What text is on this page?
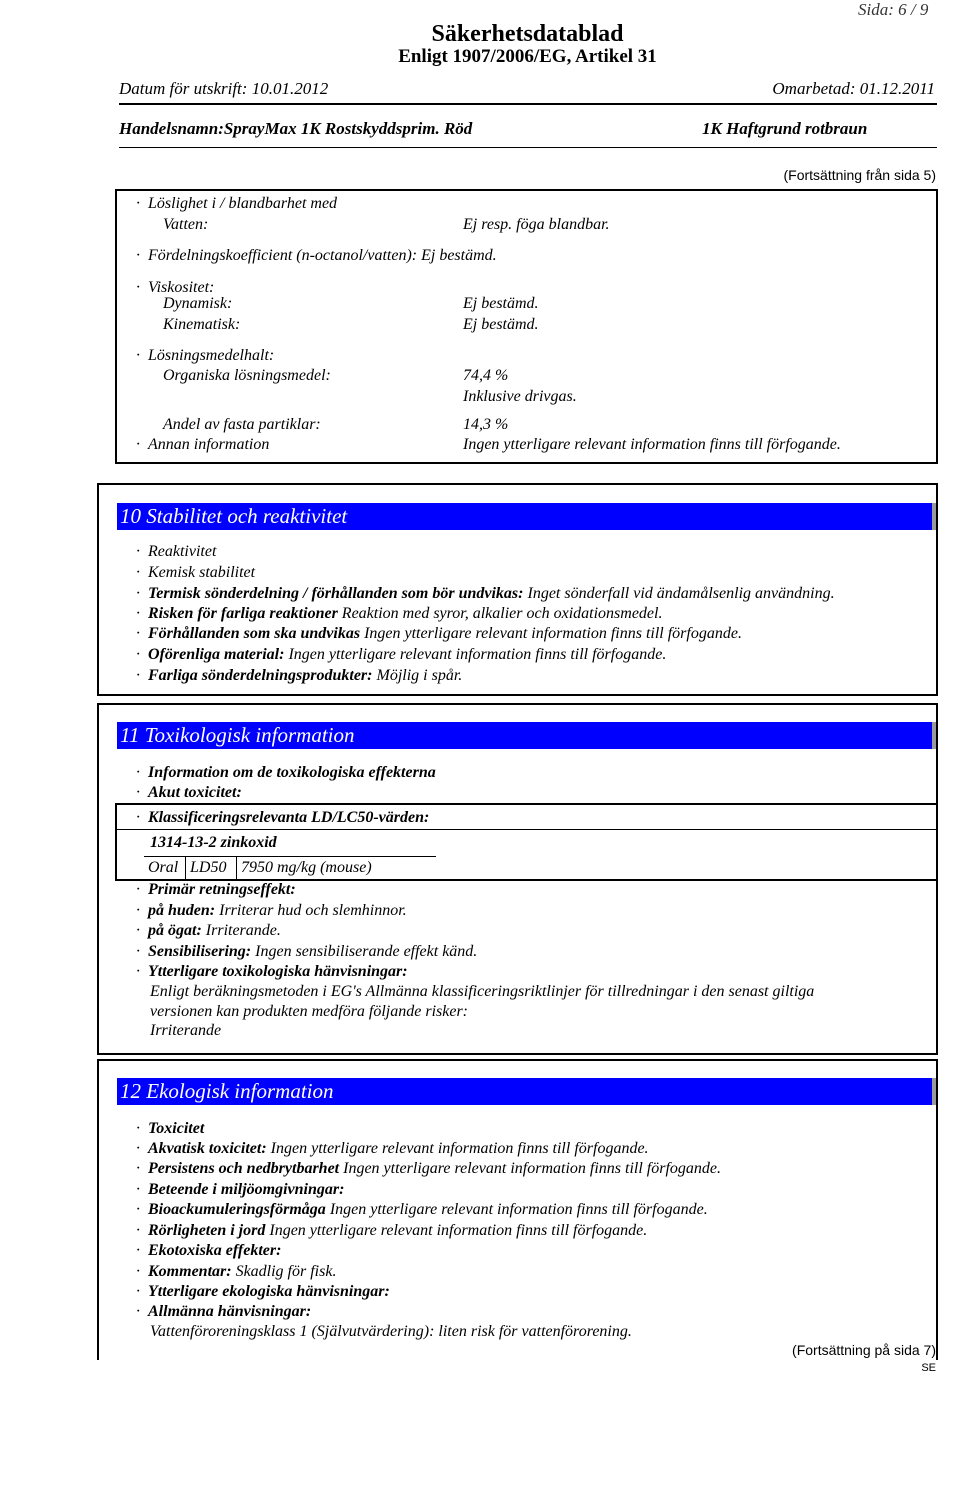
Sida: 6 / 9
Säkerhetsdatablad
Enligt 1907/2006/EG, Artikel 31
Datum för utskrift: 10.01.2012	Omarbetad: 01.12.2011
Handelsnamn:SprayMax 1K Rostskyddsprim. Röd	1K Haftgrund rotbraun
(Fortsättning från sida 5)
· Löslighet i / blandbarhet med
Vatten:	Ej resp. föga blandbar.
· Fördelningskoefficient (n-octanol/vatten): Ej bestämd.
· Viskositet:
Dynamisk:	Ej bestämd.
Kinematisk:	Ej bestämd.
· Lösningsmedelhalt:
Organiska lösningsmedel:	74,4 %
Inklusive drivgas.
Andel av fasta partiklar:	14,3 %
· Annan information	Ingen ytterligare relevant information finns till förfogande.
10 Stabilitet och reaktivitet
· Reaktivitet
· Kemisk stabilitet
· Termisk sönderdelning / förhållanden som bör undvikas: Inget sönderfall vid ändamålsenlig användning.
· Risken för farliga reaktioner Reaktion med syror, alkalier och oxidationsmedel.
· Förhållanden som ska undvikas Ingen ytterligare relevant information finns till förfogande.
· Oförenliga material: Ingen ytterligare relevant information finns till förfogande.
· Farliga sönderdelningsprodukter: Möjlig i spår.
11 Toxikologisk information
· Information om de toxikologiska effekterna
· Akut toxicitet:
· Klassificeringsrelevanta LD/LC50-värden:
1314-13-2 zinkoxid
Oral LD50 7950 mg/kg (mouse)
· Primär retningseffekt:
· på huden: Irriterar hud och slemhinnor.
· på ögat: Irriterande.
· Sensibilisering: Ingen sensibiliserande effekt känd.
· Ytterligare toxikologiska hänvisningar:
Enligt beräkningsmetoden i EG's Allmänna klassificeringsriktlinjer för tillredningar i den senast giltiga
versionen kan produkten medföra följande risker:
Irriterande
12 Ekologisk information
· Toxicitet
· Akvatisk toxicitet: Ingen ytterligare relevant information finns till förfogande.
· Persistens och nedbrytbarhet Ingen ytterligare relevant information finns till förfogande.
· Beteende i miljöomgivningar:
· Bioackumuleringsförmåga Ingen ytterligare relevant information finns till förfogande.
· Rörligheten i jord Ingen ytterligare relevant information finns till förfogande.
· Ekotoxiska effekter:
· Kommentar: Skadlig för fisk.
· Ytterligare ekologiska hänvisningar:
· Allmänna hänvisningar:
Vattenföroreningsklass 1 (Självutvärdering): liten risk för vattenförorening.
(Fortsättning på sida 7)
SE
